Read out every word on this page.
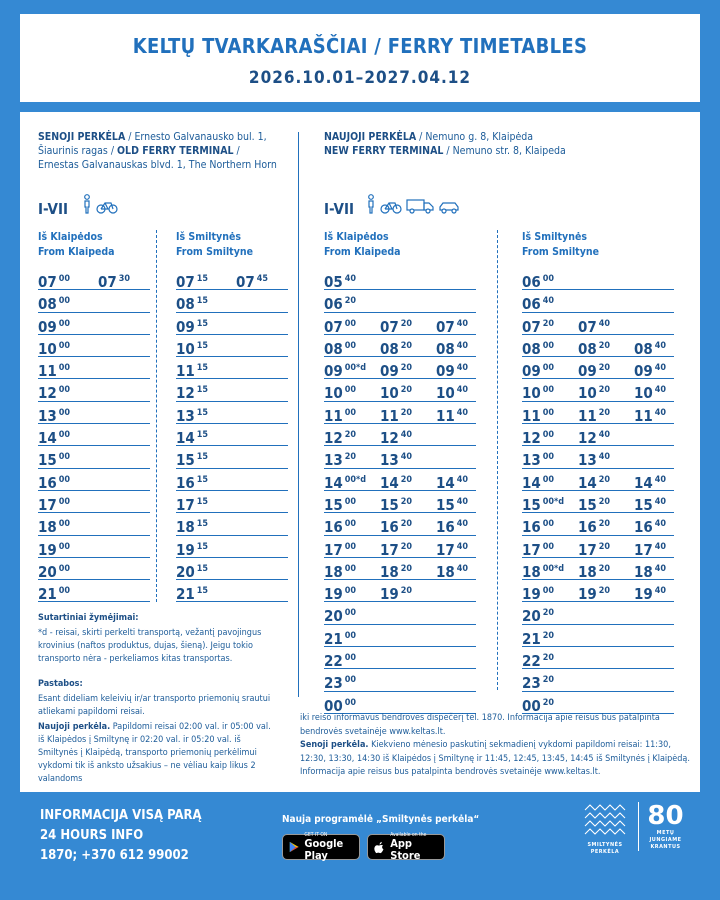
KELTŲ TVARKARAŠČIAI / FERRY TIMETABLES
2026.10.01–2027.04.12
SENOJI PERKĖLA / Ernesto Galvanausko bul. 1,
Šiaurinis ragas / OLD FERRY TERMINAL /
Ernestas Galvanauskas blvd. 1, The Northern Horn
I-VII
Iš Klaipėdos
From Klaipeda
Iš Smiltynės
From Smiltyne
07 $^{00}$ 07 $^{30}$
08 $^{00}$
09 $^{00}$
10 $^{00}$
11 $^{00}$
12 $^{00}$
13 $^{00}$
14 $^{00}$
15 $^{00}$
16 $^{00}$
17 $^{00}$
18 $^{00}$
19 $^{00}$
20 $^{00}$
21 $^{00}$
07 $^{15}$ 07 $^{45}$
08 $^{15}$
09 $^{15}$
10 $^{15}$
11 $^{15}$
12 $^{15}$
13 $^{15}$
14 $^{15}$
15 $^{15}$
16 $^{15}$
17 $^{15}$
18 $^{15}$
19 $^{15}$
20 $^{15}$
21 $^{15}$
NAUJOJI PERKĖLA / Nemuno g. 8, Klaipėda
NEW FERRY TERMINAL / Nemuno str. 8, Klaipeda
I-VII
Iš Klaipėdos
From Klaipeda
Iš Smiltynės
From Smiltyne
05 $^{40}$
06 $^{20}$
07 $^{00}$ 07 $^{20}$ 07 $^{40}$
08 $^{00}$ 08 $^{20}$ 08 $^{40}$
09 $^{00*d}$ 09 $^{20}$ 09 $^{40}$
10 $^{00}$ 10 $^{20}$ 10 $^{40}$
11 $^{00}$ 11 $^{20}$ 11 $^{40}$
12 $^{20}$ 12 $^{40}$
13 $^{20}$ 13 $^{40}$
14 $^{00*d}$ 14 $^{20}$ 14 $^{40}$
15 $^{00}$ 15 $^{20}$ 15 $^{40}$
16 $^{00}$ 16 $^{20}$ 16 $^{40}$
17 $^{00}$ 17 $^{20}$ 17 $^{40}$
18 $^{00}$ 18 $^{20}$ 18 $^{40}$
19 $^{00}$ 19 $^{20}$
20 $^{00}$
21 $^{00}$
22 $^{00}$
23 $^{00}$
00 $^{00}$
06 $^{00}$
06 $^{40}$
07 $^{20}$ 07 $^{40}$
08 $^{00}$ 08 $^{20}$ 08 $^{40}$
09 $^{00}$ 09 $^{20}$ 09 $^{40}$
10 $^{00}$ 10 $^{20}$ 10 $^{40}$
11 $^{00}$ 11 $^{20}$ 11 $^{40}$
12 $^{00}$ 12 $^{40}$
13 $^{00}$ 13 $^{40}$
14 $^{00}$ 14 $^{20}$ 14 $^{40}$
15 $^{00*d}$ 15 $^{20}$ 15 $^{40}$
16 $^{00}$ 16 $^{20}$ 16 $^{40}$
17 $^{00}$ 17 $^{20}$ 17 $^{40}$
18 $^{00*d}$ 18 $^{20}$ 18 $^{40}$
19 $^{00}$ 19 $^{20}$ 19 $^{40}$
20 $^{20}$
21 $^{20}$
22 $^{20}$
23 $^{20}$
00 $^{20}$
Sutartiniai žymėjimai:
*d - reisai, skirti perkelti transportą, vežantį pavojingus krovinius (naftos produktus, dujas, šieną). Jeigu tokio transporto nėra - perkeliamos kitas transportas.
Pastabos:
Esant dideliam keleivių ir/ar transporto priemonių srautui atliekami papildomi reisai.
Naujoji perkėla. Papildomi reisai 02:00 val. ir 05:00 val. iš Klaipėdos į Smiltynę ir 02:20 val. ir 05:20 val. iš Smiltynės į Klaipėdą, transporto priemonių perkėlimui vykdomi tik iš anksto užsakius – ne vėliau kaip likus 2 valandoms
iki reiso informavus bendrovės dispečerį tel. 1870. Informacija apie reisus bus patalpinta bendrovės svetainėje www.keltas.lt.
Senoji perkėla. Kiekvieno mėnesio paskutinį sekmadienį vykdomi papildomi reisai: 11:30, 12:30, 13:30, 14:30 iš Klaipėdos į Smiltynę ir 11:45, 12:45, 13:45, 14:45 iš Smiltynės į Klaipėdą. Informacija apie reisus bus patalpinta bendrovės svetainėje www.keltas.lt.
INFORMACIJA VISĄ PARĄ
24 HOURS INFO
1870; +370 612 99002
Nauja programėlė „Smiltynės perkėla“
GET IT ON
Google Play
Available on the
App Store
SMILTYNĖS
PERKĖLA
80
METŲ
JUNGIAME
KRANTUS
